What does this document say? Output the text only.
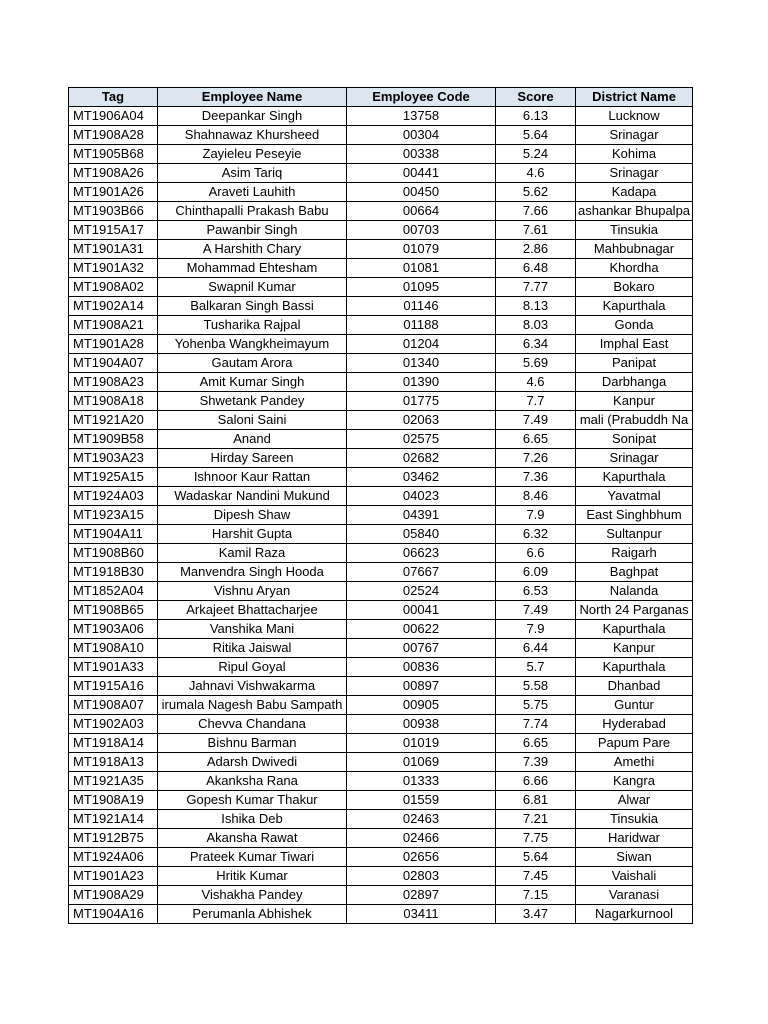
Tag	Employee Name	Employee Code	Score	District Name
MT1906A04	Deepankar Singh	13758	6.13	Lucknow
MT1908A28	Shahnawaz Khursheed	00304	5.64	Srinagar
MT1905B68	Zayieleu Peseyie	00338	5.24	Kohima
MT1908A26	Asim Tariq	00441	4.6	Srinagar
MT1901A26	Araveti Lauhith	00450	5.62	Kadapa
MT1903B66	Chinthapalli Prakash Babu	00664	7.66	ashankar Bhupalpa
MT1915A17	Pawanbir Singh	00703	7.61	Tinsukia
MT1901A31	A Harshith Chary	01079	2.86	Mahbubnagar
MT1901A32	Mohammad Ehtesham	01081	6.48	Khordha
MT1908A02	Swapnil Kumar	01095	7.77	Bokaro
MT1902A14	Balkaran Singh Bassi	01146	8.13	Kapurthala
MT1908A21	Tusharika Rajpal	01188	8.03	Gonda
MT1901A28	Yohenba Wangkheimayum	01204	6.34	Imphal East
MT1904A07	Gautam Arora	01340	5.69	Panipat
MT1908A23	Amit Kumar Singh	01390	4.6	Darbhanga
MT1908A18	Shwetank Pandey	01775	7.7	Kanpur
MT1921A20	Saloni Saini	02063	7.49	mali (Prabuddh Na
MT1909B58	Anand	02575	6.65	Sonipat
MT1903A23	Hirday Sareen	02682	7.26	Srinagar
MT1925A15	Ishnoor Kaur Rattan	03462	7.36	Kapurthala
MT1924A03	Wadaskar Nandini Mukund	04023	8.46	Yavatmal
MT1923A15	Dipesh Shaw	04391	7.9	East Singhbhum
MT1904A11	Harshit Gupta	05840	6.32	Sultanpur
MT1908B60	Kamil Raza	06623	6.6	Raigarh
MT1918B30	Manvendra Singh Hooda	07667	6.09	Baghpat
MT1852A04	Vishnu Aryan	02524	6.53	Nalanda
MT1908B65	Arkajeet Bhattacharjee	00041	7.49	North 24 Parganas
MT1903A06	Vanshika Mani	00622	7.9	Kapurthala
MT1908A10	Ritika Jaiswal	00767	6.44	Kanpur
MT1901A33	Ripul Goyal	00836	5.7	Kapurthala
MT1915A16	Jahnavi Vishwakarma	00897	5.58	Dhanbad
MT1908A07	irumala Nagesh Babu Sampath	00905	5.75	Guntur
MT1902A03	Chevva Chandana	00938	7.74	Hyderabad
MT1918A14	Bishnu Barman	01019	6.65	Papum Pare
MT1918A13	Adarsh Dwivedi	01069	7.39	Amethi
MT1921A35	Akanksha Rana	01333	6.66	Kangra
MT1908A19	Gopesh Kumar Thakur	01559	6.81	Alwar
MT1921A14	Ishika Deb	02463	7.21	Tinsukia
MT1912B75	Akansha Rawat	02466	7.75	Haridwar
MT1924A06	Prateek Kumar Tiwari	02656	5.64	Siwan
MT1901A23	Hritik Kumar	02803	7.45	Vaishali
MT1908A29	Vishakha Pandey	02897	7.15	Varanasi
MT1904A16	Perumanla Abhishek	03411	3.47	Nagarkurnool
